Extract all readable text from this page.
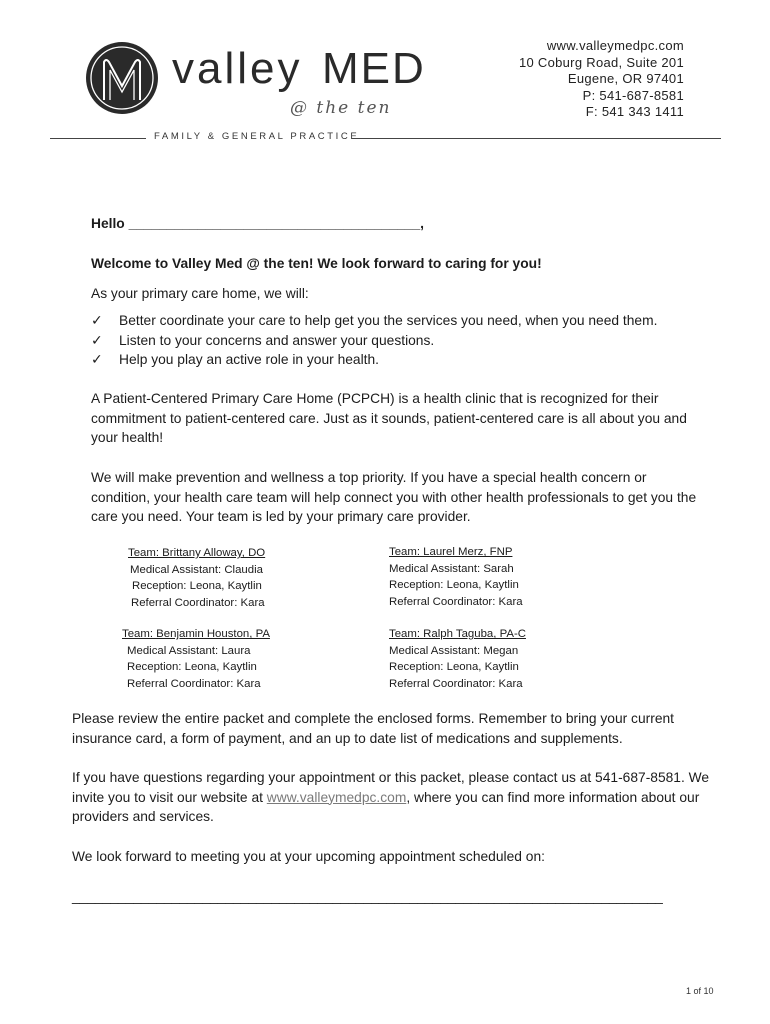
valley MED
@ the ten
www.valleymedpc.com
10 Coburg Road, Suite 201
Eugene, OR 97401
P: 541-687-8581
F: 541 343 1411
FAMILY & GENERAL PRACTICE
Hello ______________________________________,
Welcome to Valley Med @ the ten! We look forward to caring for you!
As your primary care home, we will:
✓	Better coordinate your care to help get you the services you need, when you need them.
✓	Listen to your concerns and answer your questions.
✓	Help you play an active role in your health.
A Patient-Centered Primary Care Home (PCPCH) is a health clinic that is recognized for their commitment to patient-centered care. Just as it sounds, patient-centered care is all about you and your health!
We will make prevention and wellness a top priority. If you have a special health concern or condition, your health care team will help connect you with other health professionals to get you the care you need. Your team is led by your primary care provider.
Team: Brittany Alloway, DO
Medical Assistant: Claudia
Reception: Leona, Kaytlin
Referral Coordinator: Kara
Team: Laurel Merz, FNP
Medical Assistant: Sarah
Reception: Leona, Kaytlin
Referral Coordinator: Kara
Team: Benjamin Houston, PA
Medical Assistant: Laura
Reception: Leona, Kaytlin
Referral Coordinator: Kara
Team: Ralph Taguba, PA-C
Medical Assistant: Megan
Reception: Leona, Kaytlin
Referral Coordinator: Kara
Please review the entire packet and complete the enclosed forms. Remember to bring your current insurance card, a form of payment, and an up to date list of medications and supplements.
If you have questions regarding your appointment or this packet, please contact us at 541-687-8581. We invite you to visit our website at www.valleymedpc.com, where you can find more information about our providers and services.
We look forward to meeting you at your upcoming appointment scheduled on:
_____________________________________________________________________________
1 of 10
